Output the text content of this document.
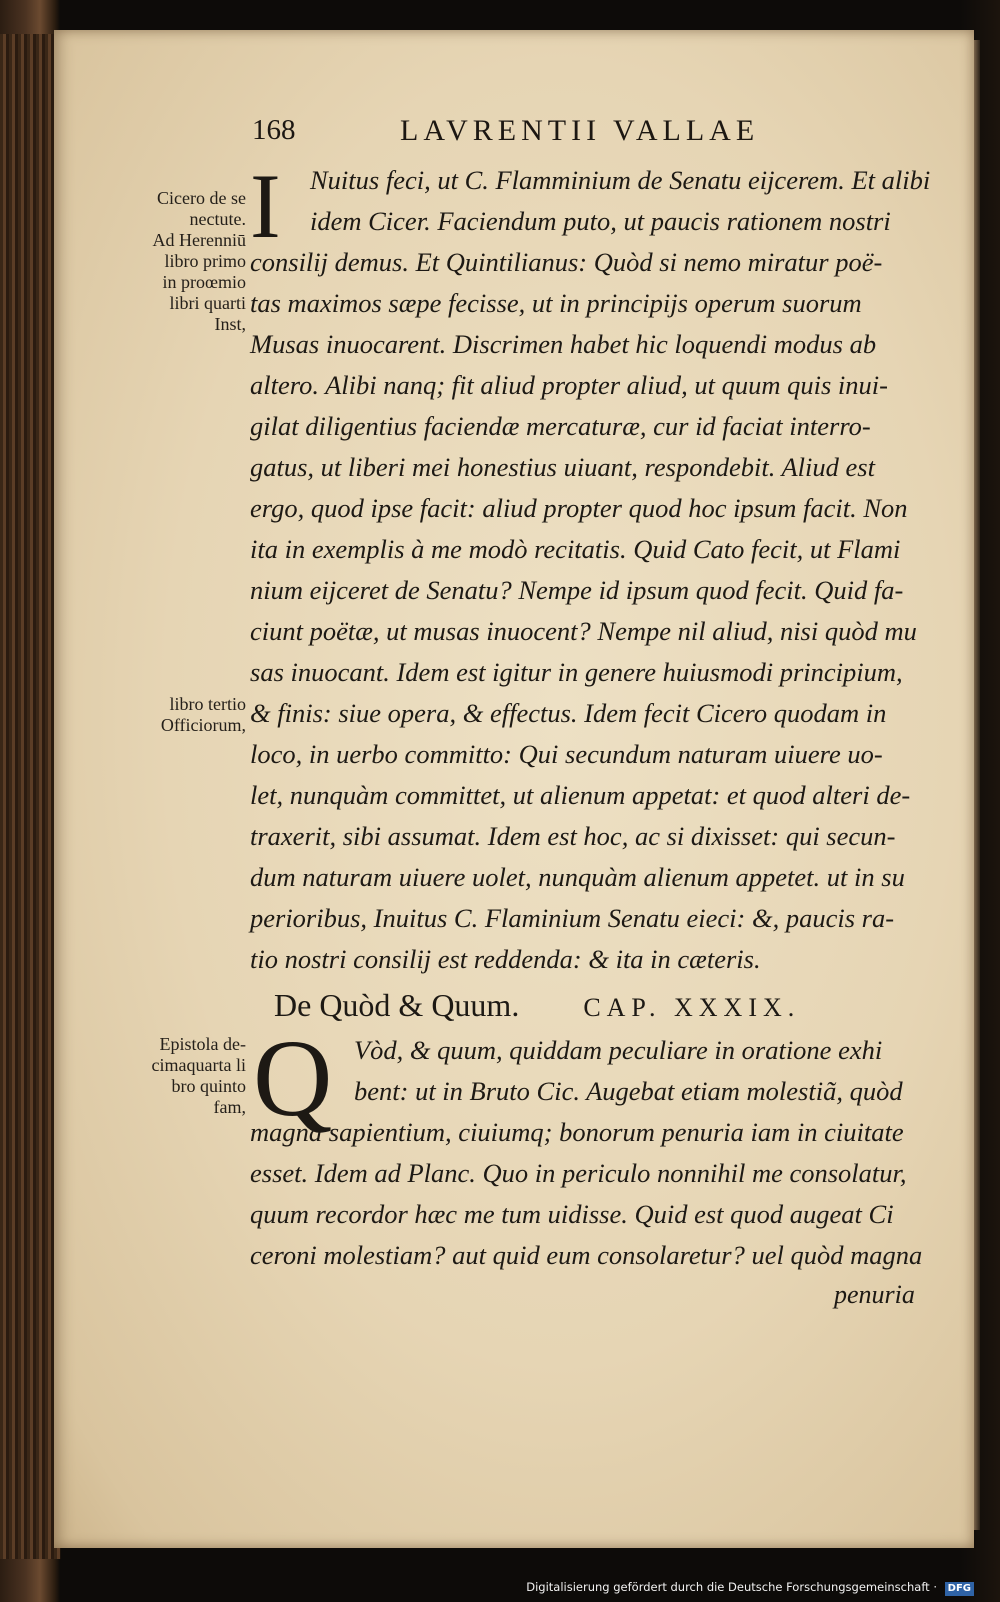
168	LAVRENTII VALLAE
Cicero de se
nectute.
Ad Herenniū
libro primo
in proœmio
libri quarti
Inst,
libro tertio
Officiorum,
Epistola de-
cimaquarta li
bro quinto
fam,
I	Nuitus feci, ut C. Flamminium de Senatu eijcerem. Et alibi
idem Cicer. Faciendum puto, ut paucis rationem nostri
consilij demus. Et Quintilianus: Quòd si nemo miratur poë-
tas maximos sæpe fecisse, ut in principijs operum suorum
Musas inuocarent. Discrimen habet hic loquendi modus ab
altero. Alibi nanq; fit aliud propter aliud, ut quum quis inui-
gilat diligentius faciendæ mercaturæ, cur id faciat interro-
gatus, ut liberi mei honestius uiuant, respondebit. Aliud est
ergo, quod ipse facit: aliud propter quod hoc ipsum facit. Non
ita in exemplis à me modò recitatis. Quid Cato fecit, ut Flami
nium eijceret de Senatu? Nempe id ipsum quod fecit. Quid fa-
ciunt poëtæ, ut musas inuocent? Nempe nil aliud, nisi quòd mu
sas inuocant. Idem est igitur in genere huiusmodi principium,
& finis: siue opera, & effectus. Idem fecit Cicero quodam in
loco, in uerbo committo: Qui secundum naturam uiuere uo-
let, nunquàm committet, ut alienum appetat: et quod alteri de-
traxerit, sibi assumat. Idem est hoc, ac si dixisset: qui secun-
dum naturam uiuere uolet, nunquàm alienum appetet. ut in su
perioribus, Inuitus C. Flaminium Senatu eieci: &, paucis ra-
tio nostri consilij est reddenda: & ita in cæteris.
De Quòd & Quum. CAP. XXXIX.
Q Vòd, & quum, quiddam peculiare in oratione exhi
bent: ut in Bruto Cic. Augebat etiam molestiã, quòd
magna sapientium, ciuiumq; bonorum penuria iam in ciuitate
esset. Idem ad Planc. Quo in periculo nonnihil me consolatur,
quum recordor hæc me tum uidisse. Quid est quod augeat Ci
ceroni molestiam? aut quid eum consolaretur? uel quòd magna
penuria
Digitalisierung gefördert durch die Deutsche Forschungsgemeinschaft · DFG
